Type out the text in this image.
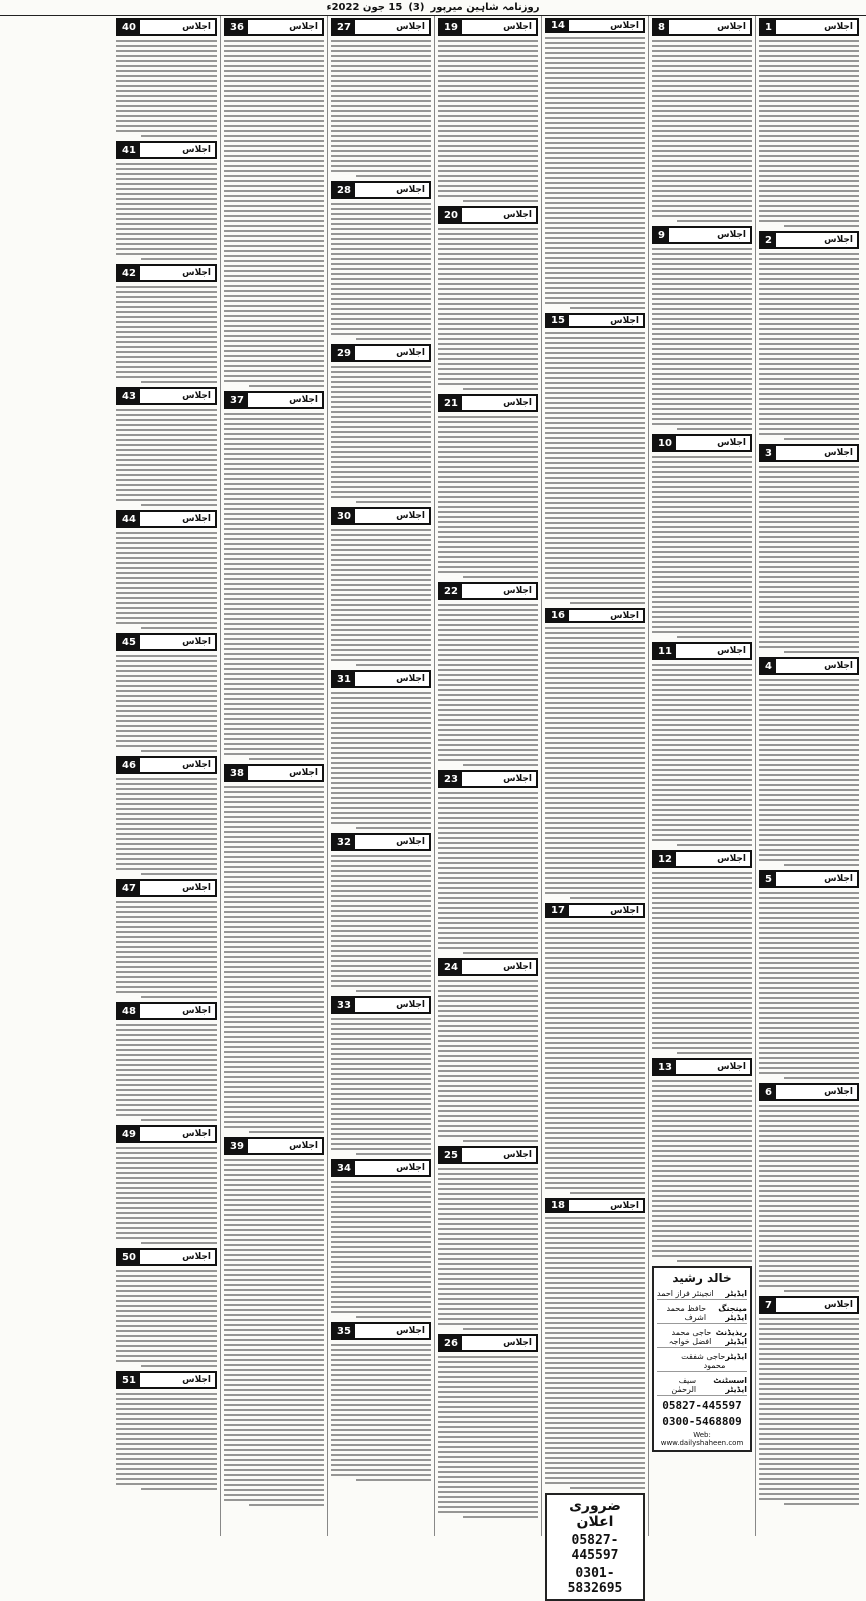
روزنامہ شاہین میرپور
(3)
15 جون 2022ء
اجلاس
1
اجلاس
2
اجلاس
3
اجلاس
4
اجلاس
5
اجلاس
6
اجلاس
7
اجلاس
8
اجلاس
9
اجلاس
10
اجلاس
11
اجلاس
12
اجلاس
13
خالد رشید
ایڈیٹر
انجینئر فراز احمد
مینجنگ ایڈیٹر
حافظ محمد اشرف
ریذیڈنٹ ایڈیٹر
حاجی محمد افضل خواجہ
ایڈیٹر
حاجی شفقت محمود
اسسٹنٹ ایڈیٹر
سیف الرحمٰن
05827-445597
0300-5468809
Web: www.dailyshaheen.com
اجلاس
14
اجلاس
15
اجلاس
16
اجلاس
17
اجلاس
18
ضروری اعلان
05827-445597
0301-5832695
اجلاس
19
اجلاس
20
اجلاس
21
اجلاس
22
اجلاس
23
اجلاس
24
اجلاس
25
اجلاس
26
اجلاس
27
اجلاس
28
اجلاس
29
اجلاس
30
اجلاس
31
اجلاس
32
اجلاس
33
اجلاس
34
اجلاس
35
اجلاس
36
اجلاس
37
اجلاس
38
اجلاس
39
اجلاس
40
اجلاس
41
اجلاس
42
اجلاس
43
اجلاس
44
اجلاس
45
اجلاس
46
اجلاس
47
اجلاس
48
اجلاس
49
اجلاس
50
اجلاس
51
